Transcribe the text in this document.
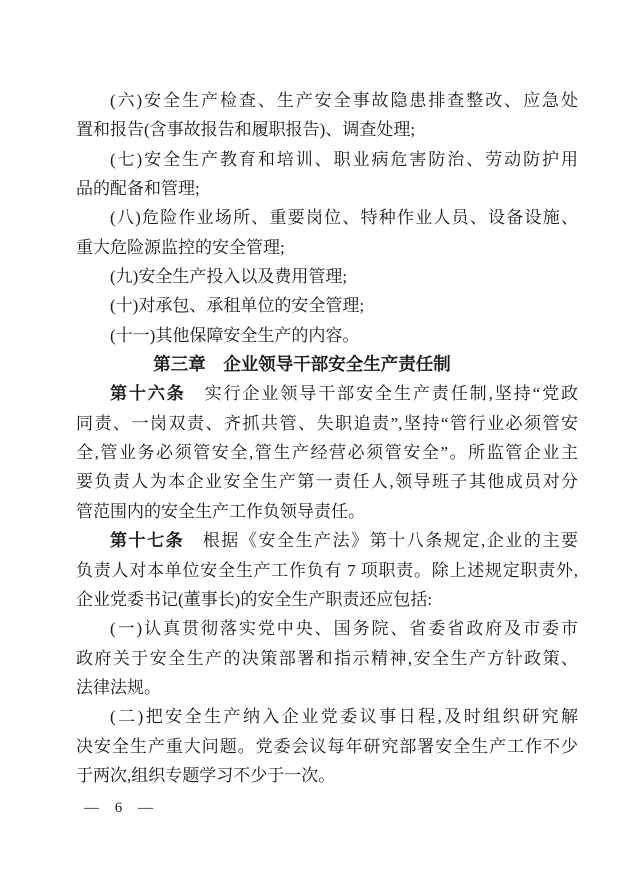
(六)安全生产检查、生产安全事故隐患排查整改、应急处
置和报告(含事故报告和履职报告)、调查处理;
(七)安全生产教育和培训、职业病危害防治、劳动防护用
品的配备和管理;
(八)危险作业场所、重要岗位、特种作业人员、设备设施、
重大危险源监控的安全管理;
(九)安全生产投入以及费用管理;
(十)对承包、承租单位的安全管理;
(十一)其他保障安全生产的内容。
第三章　企业领导干部安全生产责任制
第十六条　实行企业领导干部安全生产责任制,坚持“党政
同责、一岗双责、齐抓共管、失职追责”,坚持“管行业必须管安
全,管业务必须管安全,管生产经营必须管安全”。所监管企业主
要负责人为本企业安全生产第一责任人,领导班子其他成员对分
管范围内的安全生产工作负领导责任。
第十七条　根据《安全生产法》第十八条规定,企业的主要
负责人对本单位安全生产工作负有 7 项职责。除上述规定职责外,
企业党委书记(董事长)的安全生产职责还应包括:
(一)认真贯彻落实党中央、国务院、省委省政府及市委市
政府关于安全生产的决策部署和指示精神,安全生产方针政策、
法律法规。
(二)把安全生产纳入企业党委议事日程,及时组织研究解
决安全生产重大问题。党委会议每年研究部署安全生产工作不少
于两次,组织专题学习不少于一次。
— 6 —
